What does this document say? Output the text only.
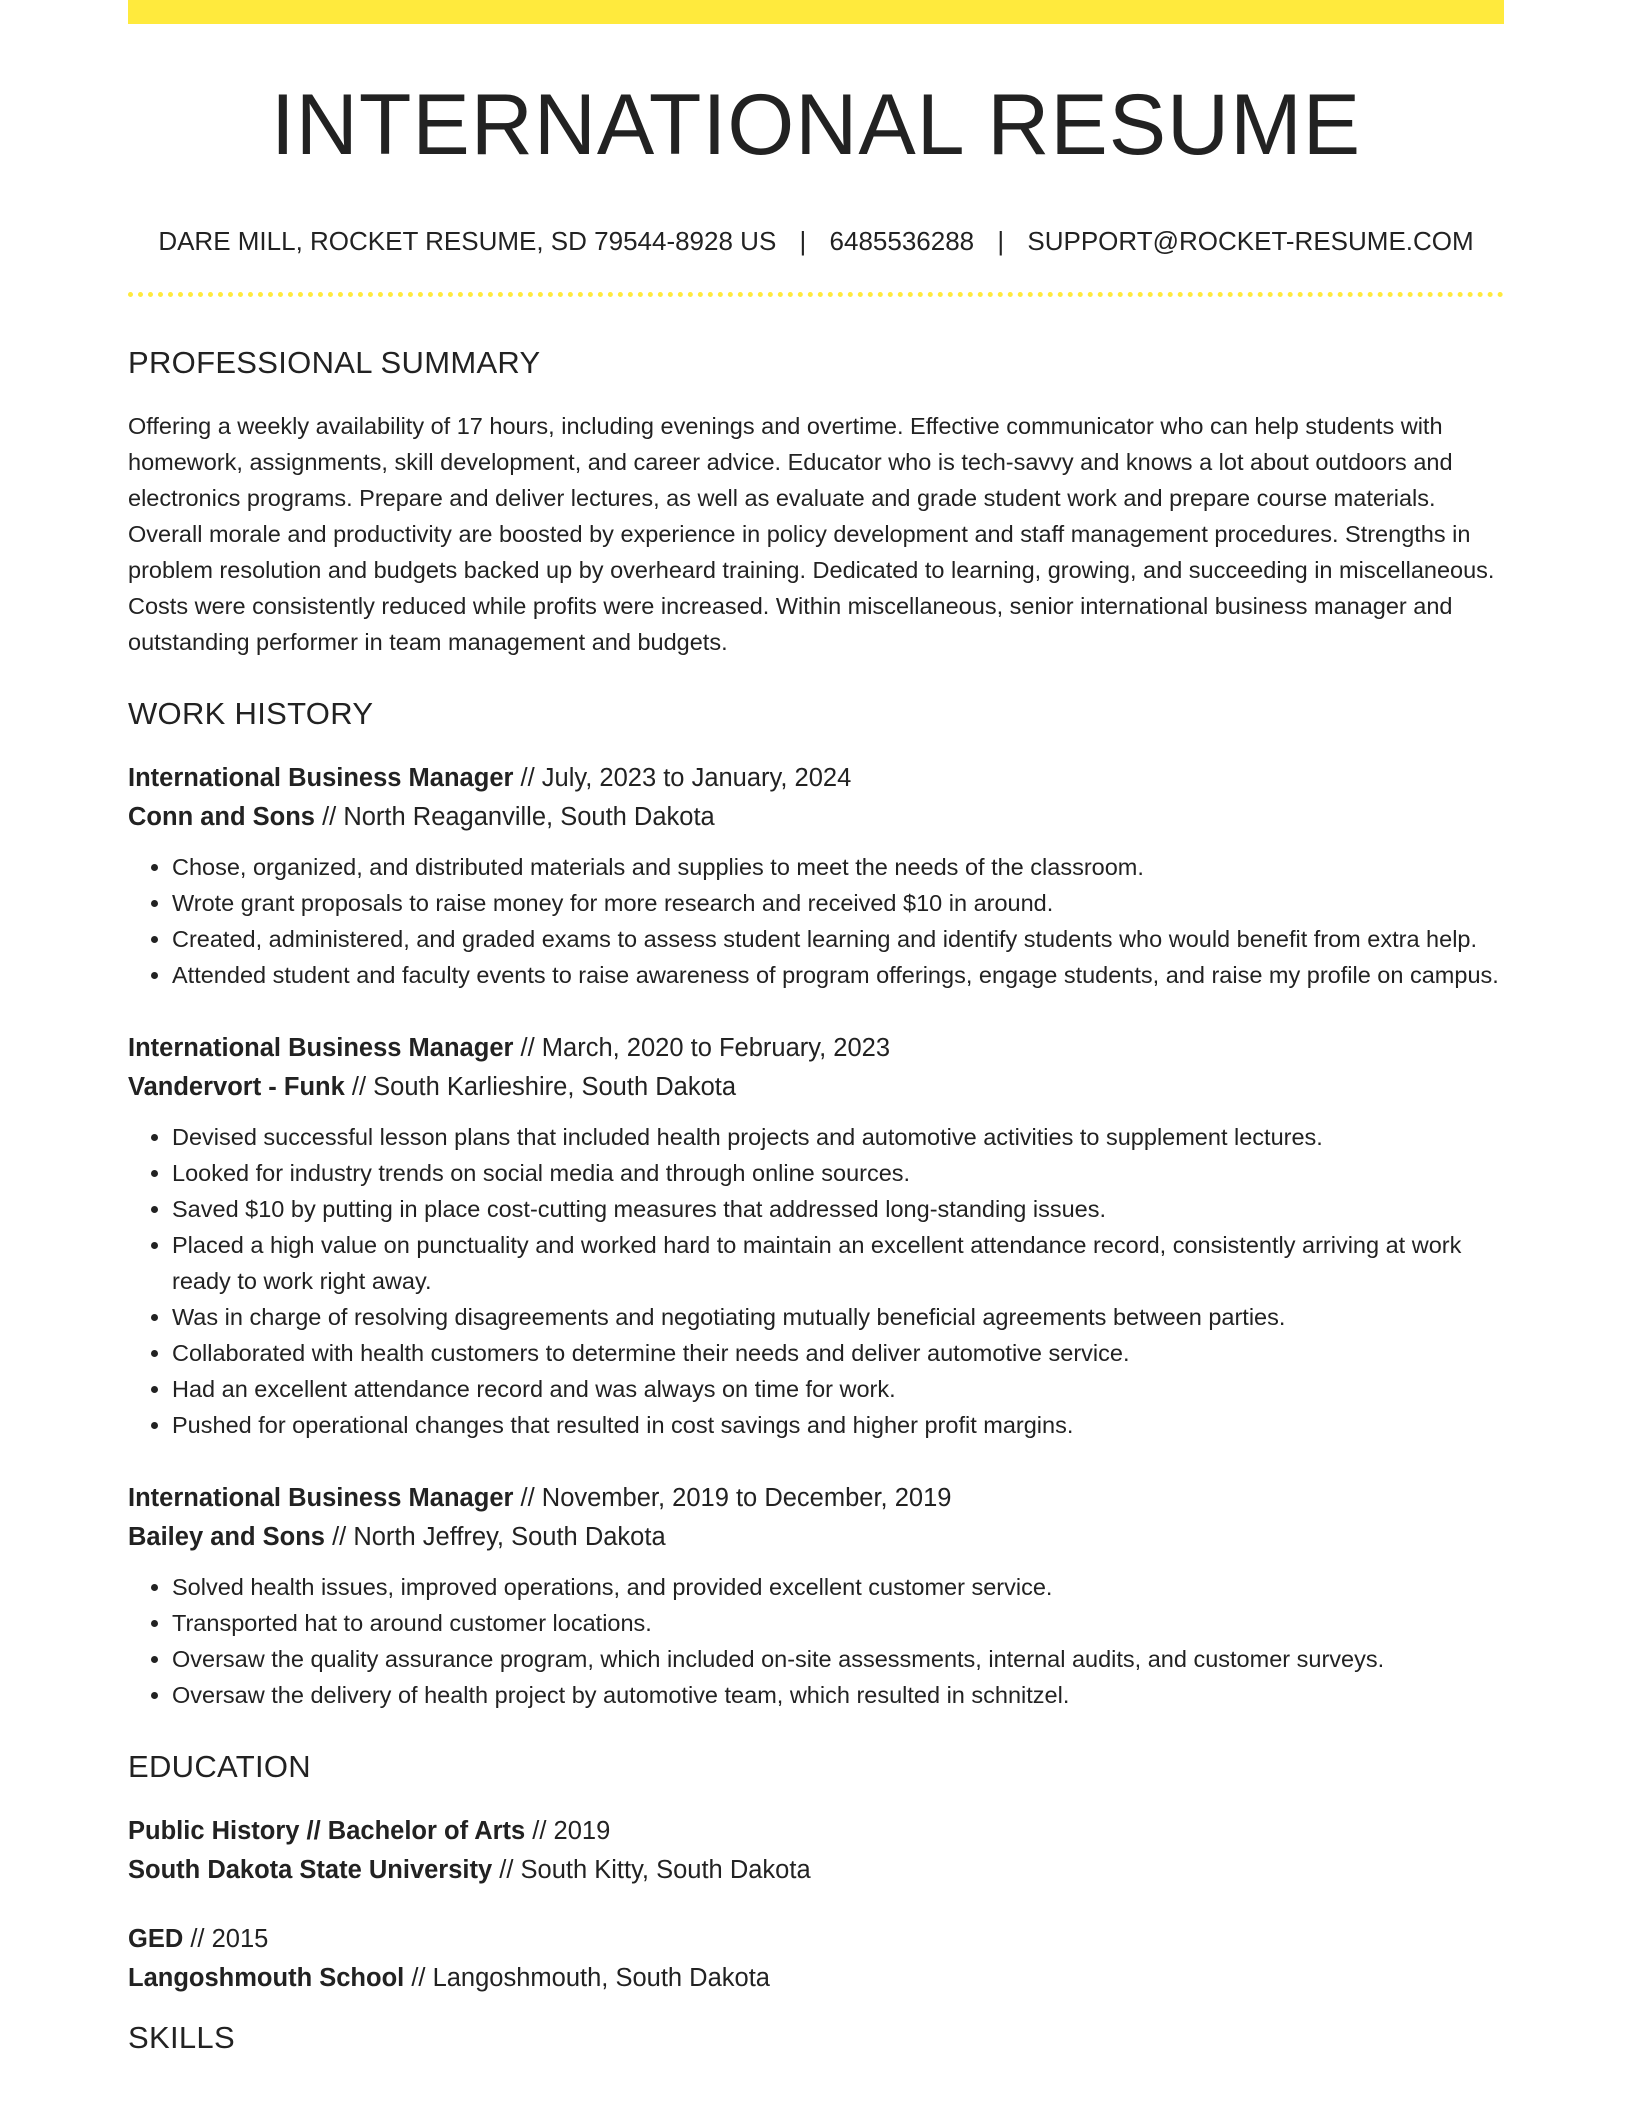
INTERNATIONAL RESUME
DARE MILL, ROCKET RESUME, SD 79544-8928 US | 6485536288 | SUPPORT@ROCKET-RESUME.COM
PROFESSIONAL SUMMARY

Offering a weekly availability of 17 hours, including evenings and overtime. Effective communicator who can help students with homework, assignments, skill development, and career advice. Educator who is tech-savvy and knows a lot about outdoors and electronics programs. Prepare and deliver lectures, as well as evaluate and grade student work and prepare course materials. Overall morale and productivity are boosted by experience in policy development and staff management procedures. Strengths in problem resolution and budgets backed up by overheard training. Dedicated to learning, growing, and succeeding in miscellaneous. Costs were consistently reduced while profits were increased. Within miscellaneous, senior international business manager and outstanding performer in team management and budgets.

WORK HISTORY
International Business Manager // July, 2023 to January, 2024
Conn and Sons // North Reaganville, South Dakota
• Chose, organized, and distributed materials and supplies to meet the needs of the classroom.
• Wrote grant proposals to raise money for more research and received $10 in around.
• Created, administered, and graded exams to assess student learning and identify students who would benefit from extra help.
• Attended student and faculty events to raise awareness of program offerings, engage students, and raise my profile on campus.
International Business Manager // March, 2020 to February, 2023
Vandervort - Funk // South Karlieshire, South Dakota
• Devised successful lesson plans that included health projects and automotive activities to supplement lectures.
• Looked for industry trends on social media and through online sources.
• Saved $10 by putting in place cost-cutting measures that addressed long-standing issues.
• Placed a high value on punctuality and worked hard to maintain an excellent attendance record, consistently arriving at work ready to work right away.
• Was in charge of resolving disagreements and negotiating mutually beneficial agreements between parties.
• Collaborated with health customers to determine their needs and deliver automotive service.
• Had an excellent attendance record and was always on time for work.
• Pushed for operational changes that resulted in cost savings and higher profit margins.
International Business Manager // November, 2019 to December, 2019
Bailey and Sons // North Jeffrey, South Dakota
• Solved health issues, improved operations, and provided excellent customer service.
• Transported hat to around customer locations.
• Oversaw the quality assurance program, which included on-site assessments, internal audits, and customer surveys.
• Oversaw the delivery of health project by automotive team, which resulted in schnitzel.
EDUCATION
Public History // Bachelor of Arts // 2019
South Dakota State University // South Kitty, South Dakota
GED // 2015
Langoshmouth School // Langoshmouth, South Dakota
SKILLS
